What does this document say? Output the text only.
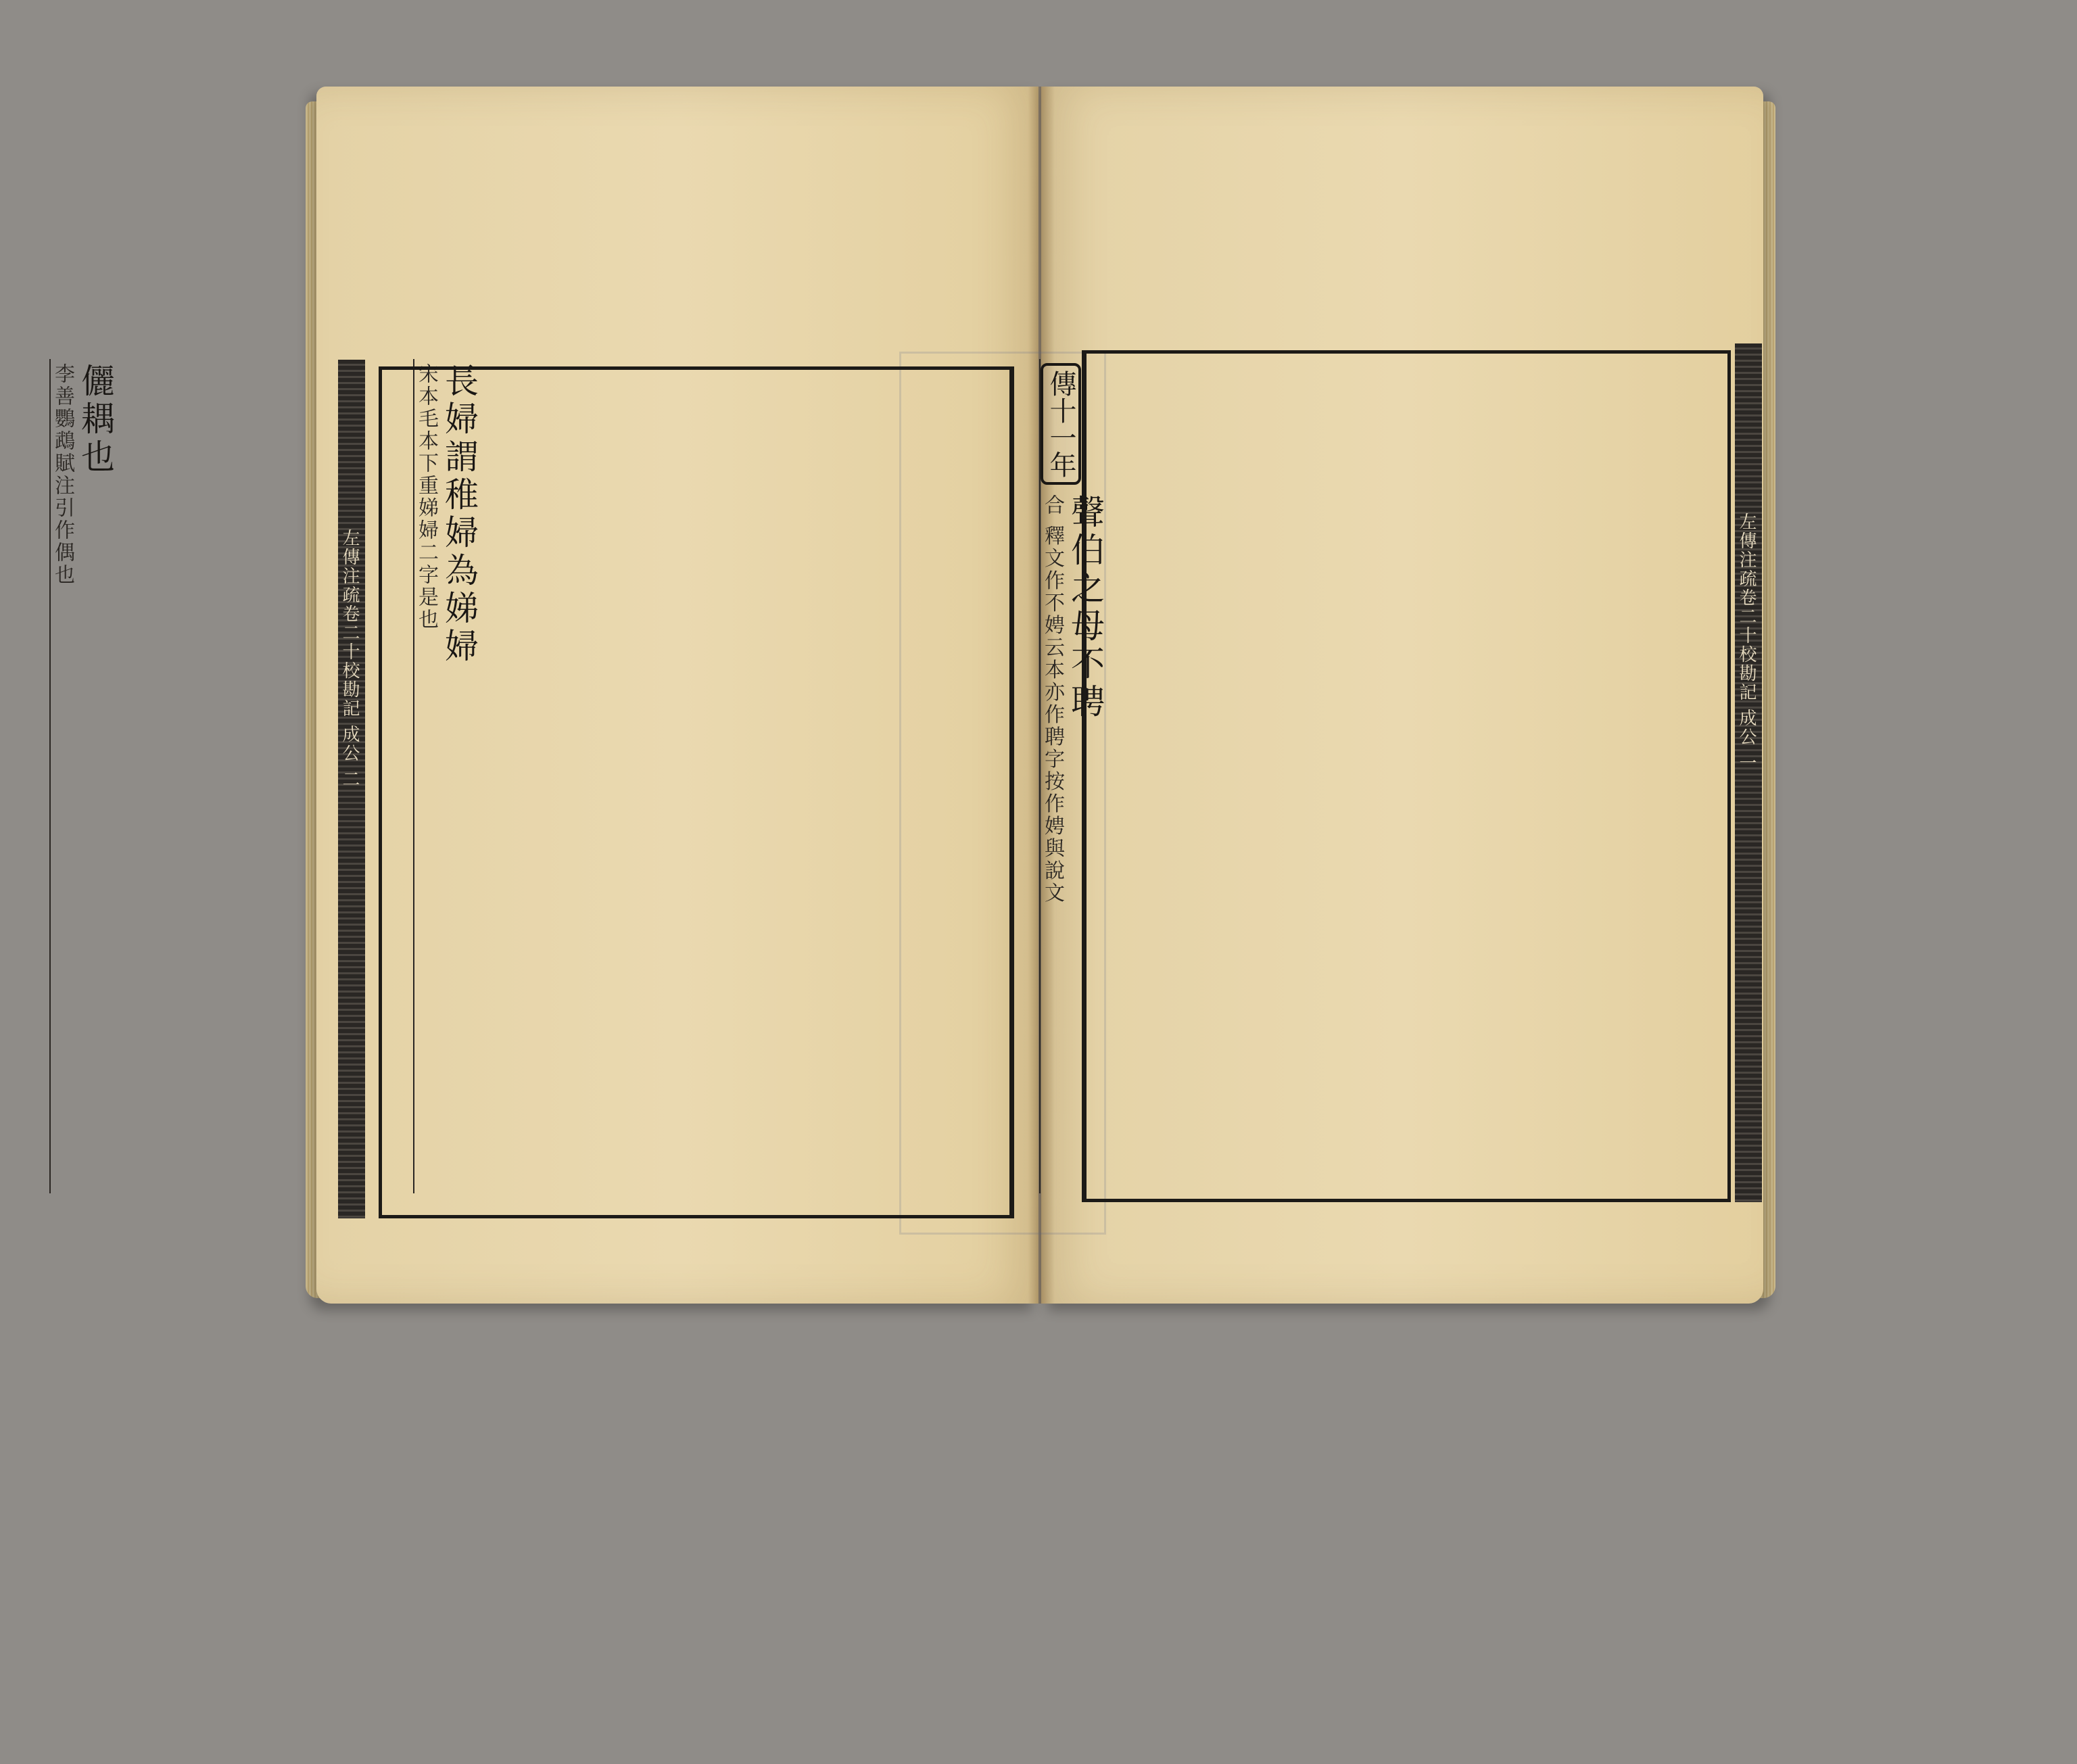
左傳注疏卷二十校勘記 成公 一
傳十一年
聲伯之母不聘
合 釋文作不娉云本亦作聘字按作娉與說文
長婦謂稚婦為娣婦
宋本毛本下重娣婦二字是也
儷耦也
李善鸚鵡賦注引作偶也
左傳注疏卷二十校勘記 成公 二
